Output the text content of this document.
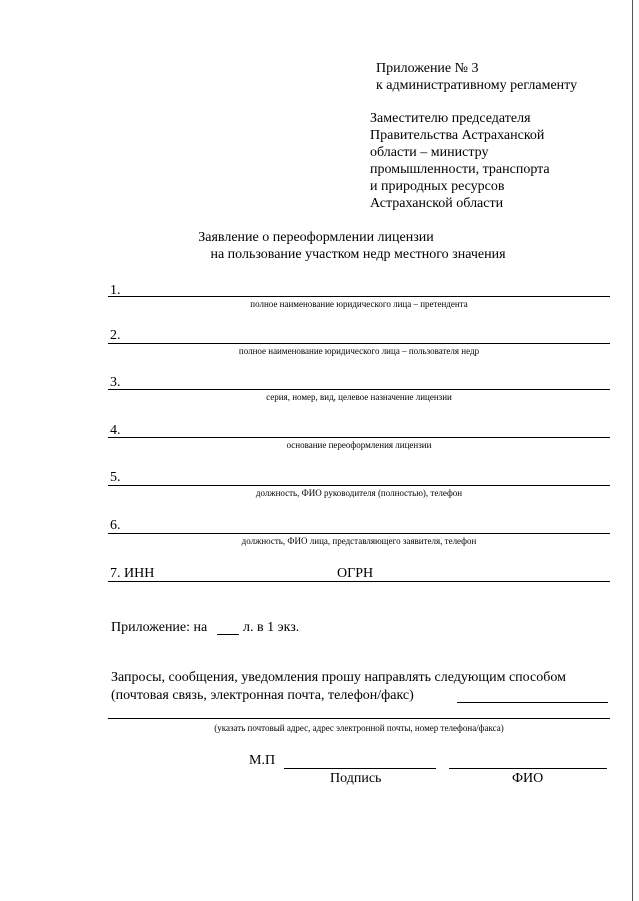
Приложение № 3
к административному регламенту
Заместителю председателя
Правительства Астраханской
области – министру
промышленности, транспорта
и природных ресурсов
Астраханской области
Заявление о переоформлении лицензии
на пользование участком недр местного значения
1.
полное наименование юридического лица – претендента
2.
полное наименование юридического лица – пользователя недр
3.
серия, номер, вид, целевое назначение лицензии
4.
основание переоформления лицензии
5.
должность, ФИО руководителя (полностью), телефон
6.
должность, ФИО лица, представляющего заявителя, телефон
7. ИНН	ОГРН
Приложение: на	л. в 1 экз.
Запросы, сообщения, уведомления прошу направлять следующим способом
(почтовая связь, электронная почта, телефон/факс)
(указать почтовый адрес, адрес электронной почты, номер телефона/факса)
М.П
Подпись	ФИО
